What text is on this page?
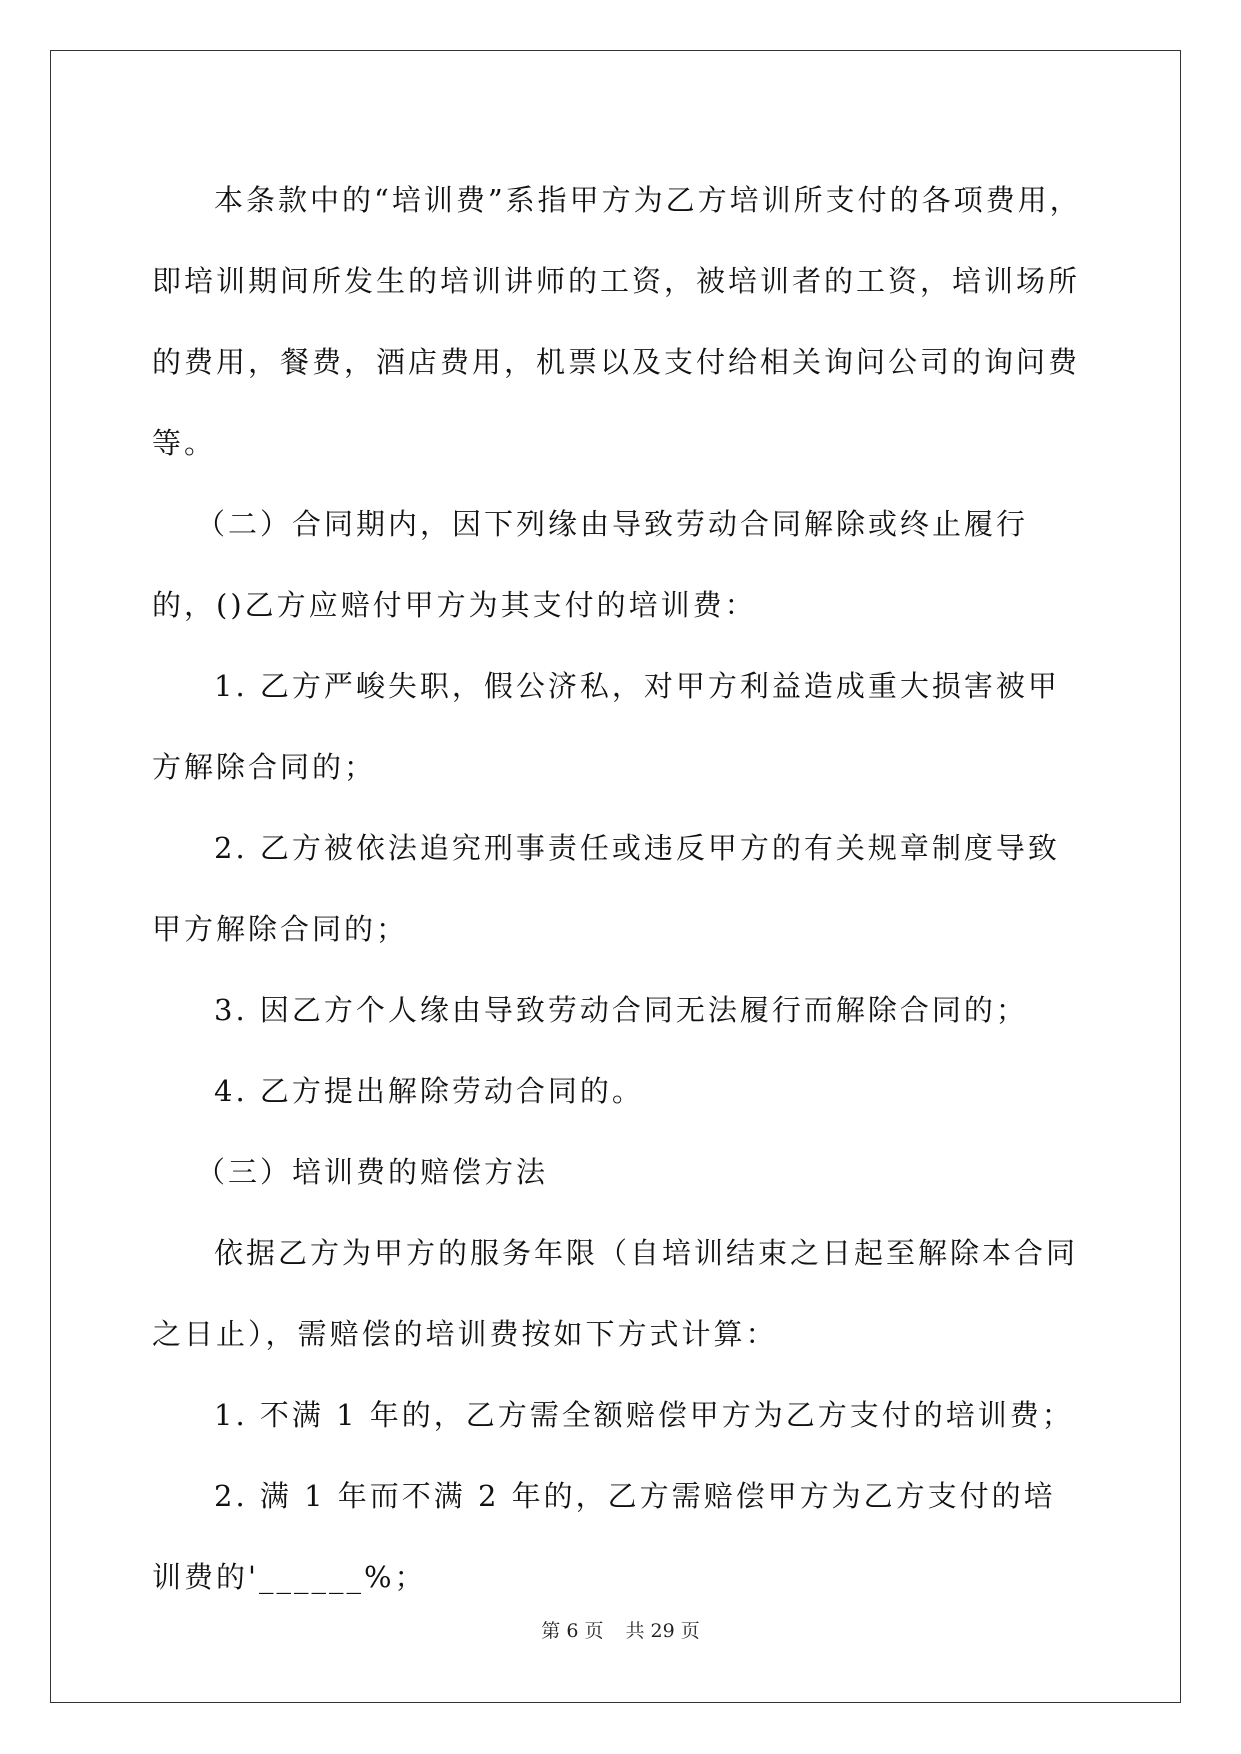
本条款中的“培训费”系指甲方为乙方培训所支付的各项费用，即培训期间所发生的培训讲师的工资，被培训者的工资，培训场所的费用，餐费，酒店费用，机票以及支付给相关询问公司的询问费等。

（二）合同期内，因下列缘由导致劳动合同解除或终止履行的，()乙方应赔付甲方为其支付的培训费：

1. 乙方严峻失职，假公济私，对甲方利益造成重大损害被甲方解除合同的；

2. 乙方被依法追究刑事责任或违反甲方的有关规章制度导致甲方解除合同的；

3. 因乙方个人缘由导致劳动合同无法履行而解除合同的；

4. 乙方提出解除劳动合同的。

（三）培训费的赔偿方法

依据乙方为甲方的服务年限（自培训结束之日起至解除本合同之日止），需赔偿的培训费按如下方式计算：

1. 不满 1 年的，乙方需全额赔偿甲方为乙方支付的培训费；

2. 满 1 年而不满 2 年的，乙方需赔偿甲方为乙方支付的培训费的'______%；

第 6 页 共 29 页
